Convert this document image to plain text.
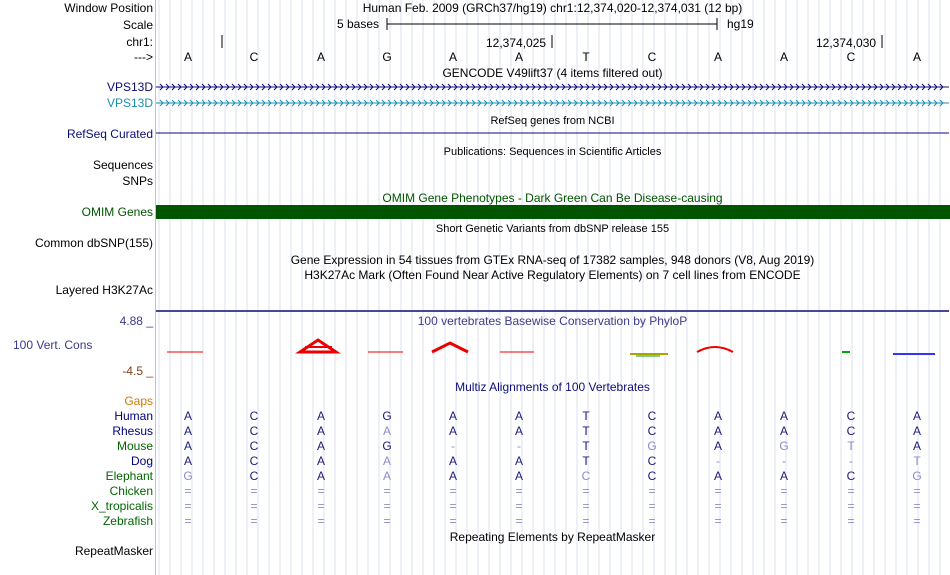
Window Position
Scale
chr1:
--->
Human Feb. 2009 (GRCh37/hg19) chr1:12,374,020-12,374,031 (12 bp)
5 bases	hg19
12,374,025	12,374,030
A	C	A	G	A	A	T	C	A	A	C	A
GENCODE V49lift37 (4 items filtered out)
VPS13D
VPS13D
RefSeq genes from NCBI
RefSeq Curated
Publications: Sequences in Scientific Articles
Sequences
SNPs
OMIM Gene Phenotypes - Dark Green Can Be Disease-causing
OMIM Genes
Short Genetic Variants from dbSNP release 155
Common dbSNP(155)
Gene Expression in 54 tissues from GTEx RNA-seq of 17382 samples, 948 donors (V8, Aug 2019)
H3K27Ac Mark (Often Found Near Active Regulatory Elements) on 7 cell lines from ENCODE
Layered H3K27Ac
4.88 _	100 vertebrates Basewise Conservation by PhyloP
100 Vert. Cons
-4.5 _
Multiz Alignments of 100 Vertebrates
Gaps
Human	A	C	A	G	A	A	T	C	A	A	C	A
Rhesus	A	C	A	A	A	A	T	C	A	A	C	A
Mouse	A	C	A	G	-	-	T	G	A	G	T	A
Dog	A	C	A	A	A	A	T	C	-	-	-	T
Elephant	G	C	A	A	A	A	C	C	A	A	C	G
Chicken	=	=	=	=	=	=	=	=	=	=	=	=
X_tropicalis	=	=	=	=	=	=	=	=	=	=	=	=
Zebrafish	=	=	=	=	=	=	=	=	=	=	=	=
Repeating Elements by RepeatMasker
RepeatMasker
